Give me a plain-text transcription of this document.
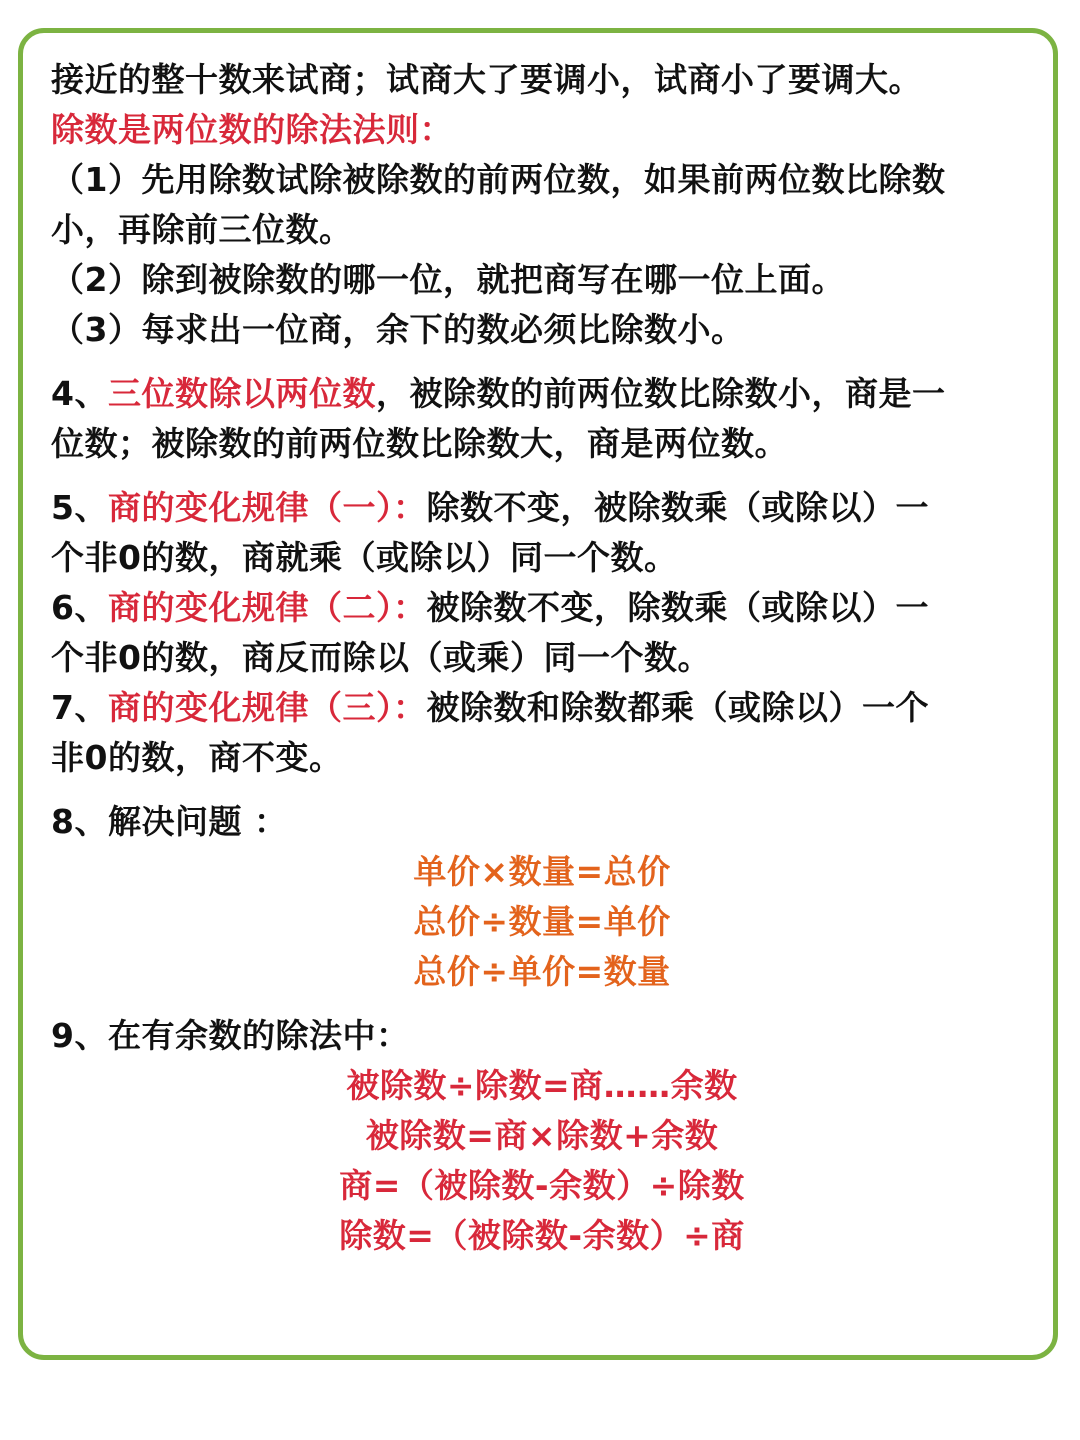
接近的整十数来试商；试商大了要调小，试商小了要调大。
除数是两位数的除法法则：
（1）先用除数试除被除数的前两位数，如果前两位数比除数
小，再除前三位数。
（2）除到被除数的哪一位，就把商写在哪一位上面。
（3）每求出一位商，余下的数必须比除数小。
4、三位数除以两位数，被除数的前两位数比除数小，商是一
位数；被除数的前两位数比除数大，商是两位数。
5、商的变化规律（一）：除数不变，被除数乘（或除以）一
个非0的数，商就乘（或除以）同一个数。
6、商的变化规律（二）：被除数不变，除数乘（或除以）一
个非0的数，商反而除以（或乘）同一个数。
7、商的变化规律（三）：被除数和除数都乘（或除以）一个
非0的数，商不变。
8、解决问题 ：
单价×数量=总价
总价÷数量=单价
总价÷单价=数量
9、在有余数的除法中：
被除数÷除数=商……余数
被除数=商×除数+余数
商=（被除数-余数）÷除数
除数=（被除数-余数）÷商
